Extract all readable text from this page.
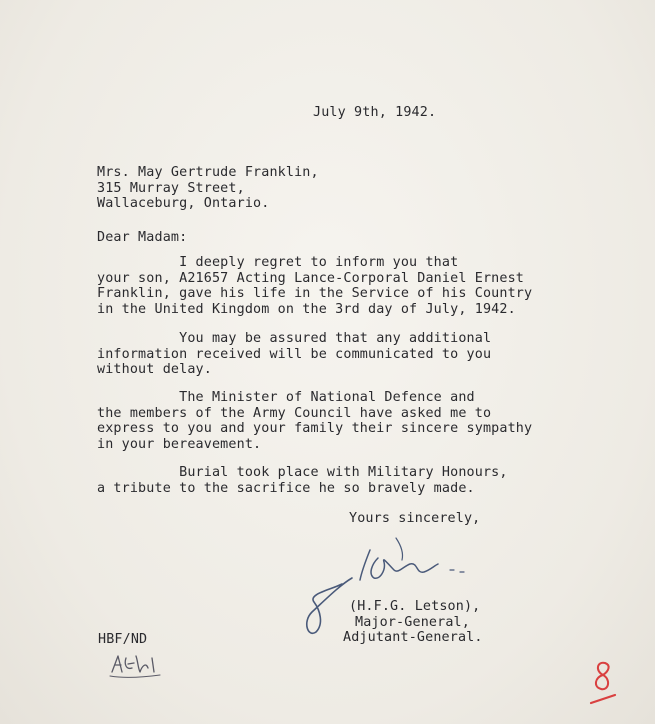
July 9th, 1942.
Mrs. May Gertrude Franklin,
315 Murray Street,
Wallaceburg, Ontario.
Dear Madam:
I deeply regret to inform you that
your son, A21657 Acting Lance-Corporal Daniel Ernest
Franklin, gave his life in the Service of his Country
in the United Kingdom on the 3rd day of July, 1942.
You may be assured that any additional
information received will be communicated to you
without delay.
The Minister of National Defence and
the members of the Army Council have asked me to
express to you and your family their sincere sympathy
in your bereavement.
Burial took place with Military Honours,
a tribute to the sacrifice he so bravely made.
Yours sincerely,
(H.F.G. Letson),
Major-General,
Adjutant-General.
HBF/ND
